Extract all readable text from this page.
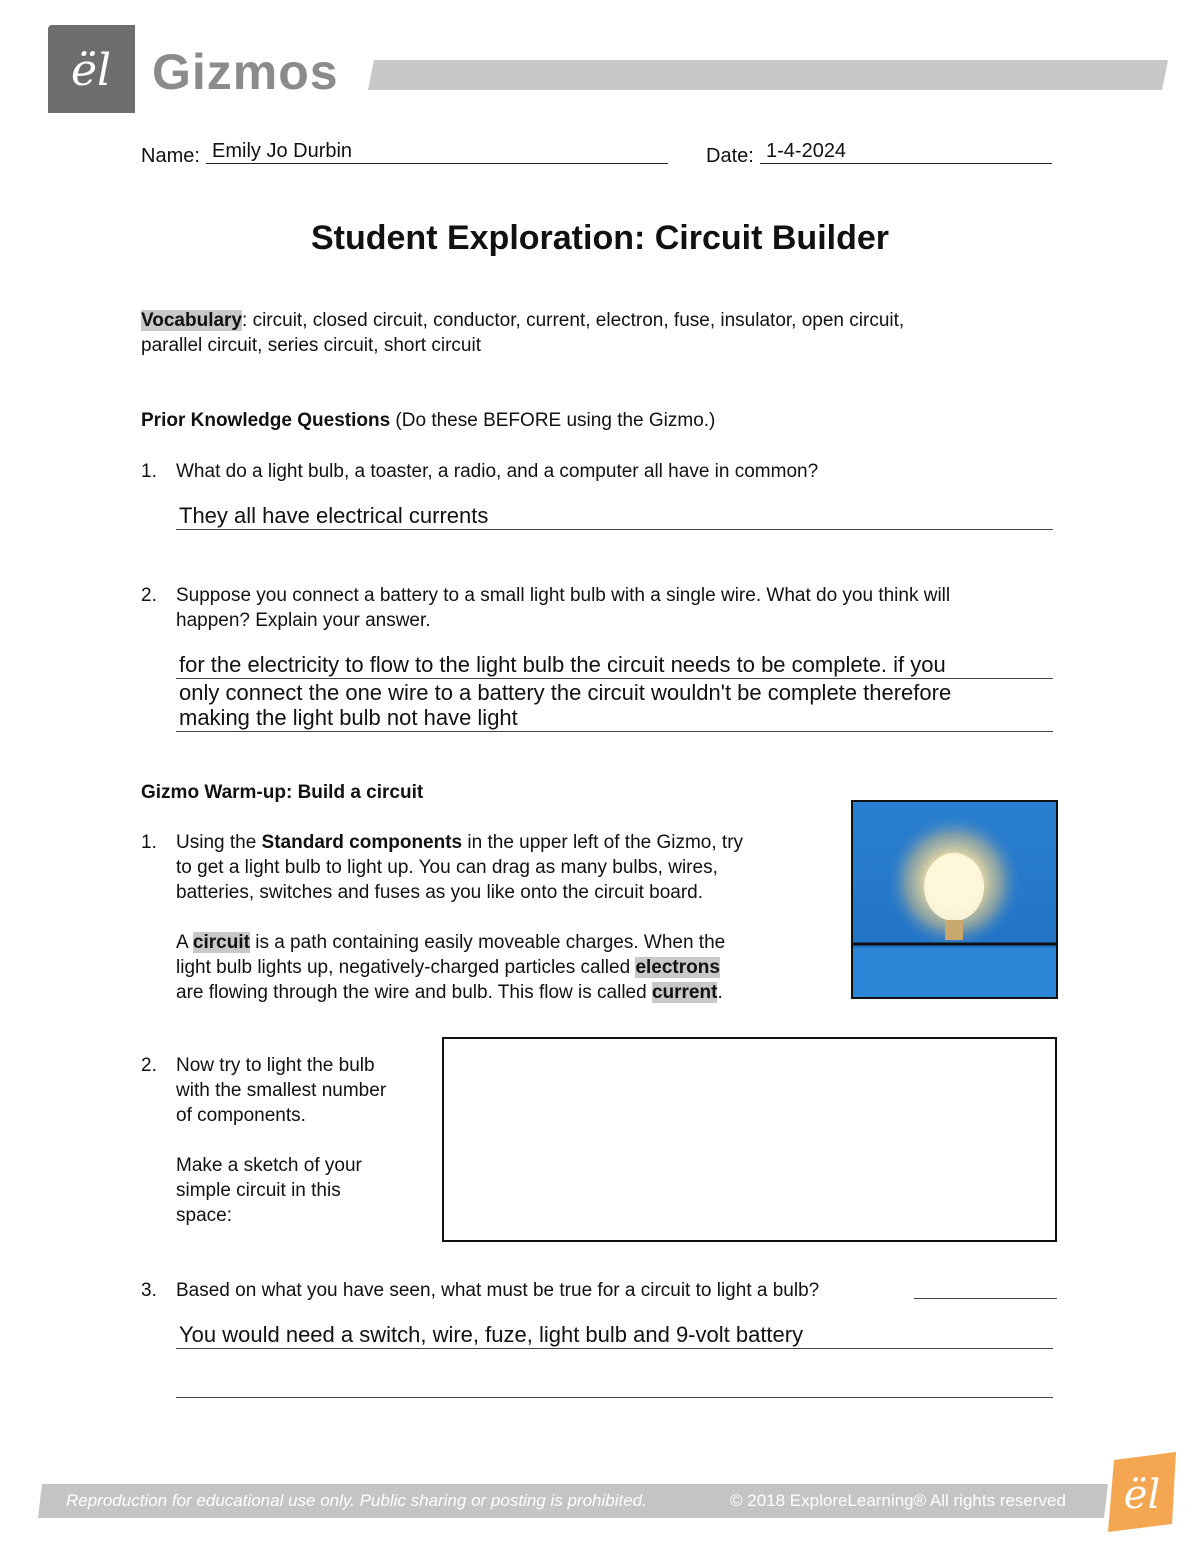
ël Gizmos
Name: Emily Jo Durbin	Date: 1-4-2024
Student Exploration: Circuit Builder
Vocabulary: circuit, closed circuit, conductor, current, electron, fuse, insulator, open circuit,
parallel circuit, series circuit, short circuit
Prior Knowledge Questions (Do these BEFORE using the Gizmo.)
1. What do a light bulb, a toaster, a radio, and a computer all have in common?
They all have electrical currents
2. Suppose you connect a battery to a small light bulb with a single wire. What do you think will
happen? Explain your answer.
for the electricity to flow to the light bulb the circuit needs to be complete. if you
only connect the one wire to a battery the circuit wouldn't be complete therefore
making the light bulb not have light
Gizmo Warm-up: Build a circuit
1. Using the Standard components in the upper left of the Gizmo, try
to get a light bulb to light up. You can drag as many bulbs, wires,
batteries, switches and fuses as you like onto the circuit board.
A circuit is a path containing easily moveable charges. When the
light bulb lights up, negatively-charged particles called electrons
are flowing through the wire and bulb. This flow is called current.
2. Now try to light the bulb
with the smallest number
of components.
Make a sketch of your
simple circuit in this
space:
3. Based on what you have seen, what must be true for a circuit to light a bulb?
You would need a switch, wire, fuze, light bulb and 9-volt battery
Reproduction for educational use only. Public sharing or posting is prohibited.	© 2018 ExploreLearning® All rights reserved ël
